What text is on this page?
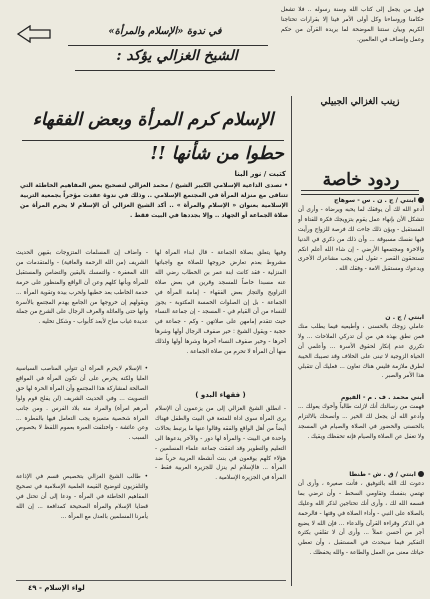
فهل من يجعل إلى كتاب الله وسنة رسوله .. فلا تشغل حكامنا وروساءنا وكل أولى الأمر فينا إلا بقرارات تحتاجنا الكريم وبيان سنتنا الموضحة لما يريده القرآن من حكم وعمل وإنصاف في العالمين.

زينب الغزالي الجبيلي
في ندوة «الإسلام والمرأة»
الشيخ الغزالي يؤكد :
الإسلام كرم المرأة وبعض الفقهاء
حطوا من شأنها !!
كتبت / نور البنا

• تصدى الداعية الإسلامي الكبير الشيخ / محمد الغزالي لتصحيح بعض المفاهيم الخاطئة التي تتنافى مع منزلة المرأة في المجتمع الإسلامي .. وذلك في ندوة عقدت مؤخراً بجمعية التربية الإسلامية بعنوان « الإسلام والمرأة » .. أكد الشيخ الغزالي أن الإسلام لا يحرم المرأة من صلاة الجماعة أو الجهاد .. وإلا بجددها في البيت فقط .

وفيها يتعلق بصلاة الجماعة - قال ابداء المرأة لها مشروط بعدم تعارض خروجها للصلاة مع واجباتها المنزلية - فقد كانت ابنة عمر بن الخطاب رضي الله عنه مسبدا خاصاً للمسجد وقرين في بعض صلاة التراويح والتجاز بعض الفقهاء - إمامة المرأة في الجماعة - بل إن الصلوات الخمسة المكتوبة - يجوز للنساء من أن القيام في - المسجد - إن جماعة النساء حيث تتقدم إمامهن على صلاتهن - وكم - جماعة في حجبة - ويقول الشيخ : خير صفوف الرجال أولها وشرها آخرها - وخير صفوف النساء آخرها وشرها أولها ولذلك منها أن المرأة لا تحرم من صلاة الجماعة .

- انطلق الشيخ الغزالي إلى من يزعمون أن الإسلام يرى المرأة سوى اداة للمتعة في البيت والطفل فهناك أيضاً من أهل الواقع والفقه وقالوا عنها ما يرتبط بحالات واحدة في البيت - والمرأة لها دور - والآخر يدعوها الى التعليم والتطوير وقد اتفقت جماعة علماء المسلمين - هؤلاء كلهم يوقعون في بنت أنشطة العربية حرباً ضد المرأة ... فالإسلام لم ينزل للجزيرة العربية فقط - المرأة في الجزيرة الإسلامية .

( فقهاء البدو )

- وأضاف إن المسلمات المتزوجات بقيهن الحديث الشريف (من الله الرحمة والعافية) - والمتقدمات من الله المغفرة - والتمسك باليقين والتضامن والمستقبل للمرأة وبأنها كلهم وعن أن الواقع والمنظور على حرمة خدمة الخاطب بعد خطبها ولحرب بيده وتقوية المرأة ... ويقولهم إن خروجها من الجامع يهدم المجتمع بالأسرة وانها حتى والعائلة والعرف الرجال على الشرع من جملة عديدة غياب مباح لأبعد كأبواب - وشكل تخليه .

• الإسلام لايحرم المرأة أن تتولي المناصب السياسية العليا ولكنه يحرص على أن تكون المرأة في المواقع الصالحة لمشاركة هذا المجتمع وأن المرأة الحرة لها حق التصويت ... وفي الحديث الشريف (لن يفلح قوم ولوا أمرهم امرأة) والمراد منه بلاد الفرس . ومن جانب المراة شخصية متميزة يجب التعامل فيها بالفطرة ... وعن عائشة - واختلفت العبرة بعموم اللفظ لا بخصوص السبب .

• طالب الشيخ الغزالي بتخصيص قسم في الإذاعة والتلفزيون لتوضيح القيمة العلمية الإسلامية في تصحيح المفاهيم الخاطئة في المرأة - ودعا إلى أن تحتل في قضايا الإسلام والمرأة الصحيحة كمدافعة ... إن الله يأمرنا المسلمين بالعدل مع المرأة ...

ردود خاصة
ابنتي / ج . ن . س - سوهاج

أدعو الله لك أن يوفقك لما يحبه ويرضاه - وأرى أن تتشكل الأن بإنهاء عمل يقوم بتزويجك فكرة للفتاة أو المستقبل - ويؤن ذلك جاءت لك فرصة للزواج ورأيت فيها نفسك مسبوقة ... وأن ذلك من ذكري في الدنيا والاخرة ومجتمعها الأرضي - إن شاء الله أعلم انكم تستحقون القصر - تقول لمن يجب مشاعرك الأخرى ويدعوك ومستقبل الامة - وفقك الله .

ابنتي / ج . ن

عاملي زوجك بالحسنى ، وأطيعيه فيما يطلب منك فمن نطق بهذه هي من أن تدركي الملاحات ... ولا تكرري عدم إنكار لحقوق الأسرة ... وأعلمي أن الحياة الزوجية لا تبنى على الخلاف وقد تصيبك الخيبة لطرق ملازمة فليس هناك تعاون ... فعليك أن تتقبلي هذا الأمر والصبر .

أبني محمد . ف . م - الفيوم

فهمت من رسالتك أنك لازلت طالباً وأخوك يعولك ... وأدعو الله أن يجعل لك الخير ... وأنصحك بالالتزام بالحسنى والحضور في الصلاة والصيام في المسجد ولا تغفل عن الصلاة والصيام فإنه تحفظك ويقيك .

ابنتي / ق . ش - طنطا

دعوت لك الله بالتوفيق ، فأنت صغيرة ، وأرى أن تهتمي بنفسك وتقاومي السخط - وأن ترضي بما قسمه الله لك ، وأرى أنك تحتاجين لذكر الله وعليك بالصلاة على النبي - وأداء الصلاة في وقتها - فالرحمة في الذكر وقراءة القرآن والدعاء ... فإن الله لا يضيع أجر من أحسن عملاً ... وأرى أن لا تقلقي بكثرة التفكير فيما سيحدث في المستقبل ، وأن تعطي حياتك معنى من العمل والطاعة - والله يحفظك .

لواء الإسلام - ٤٩
